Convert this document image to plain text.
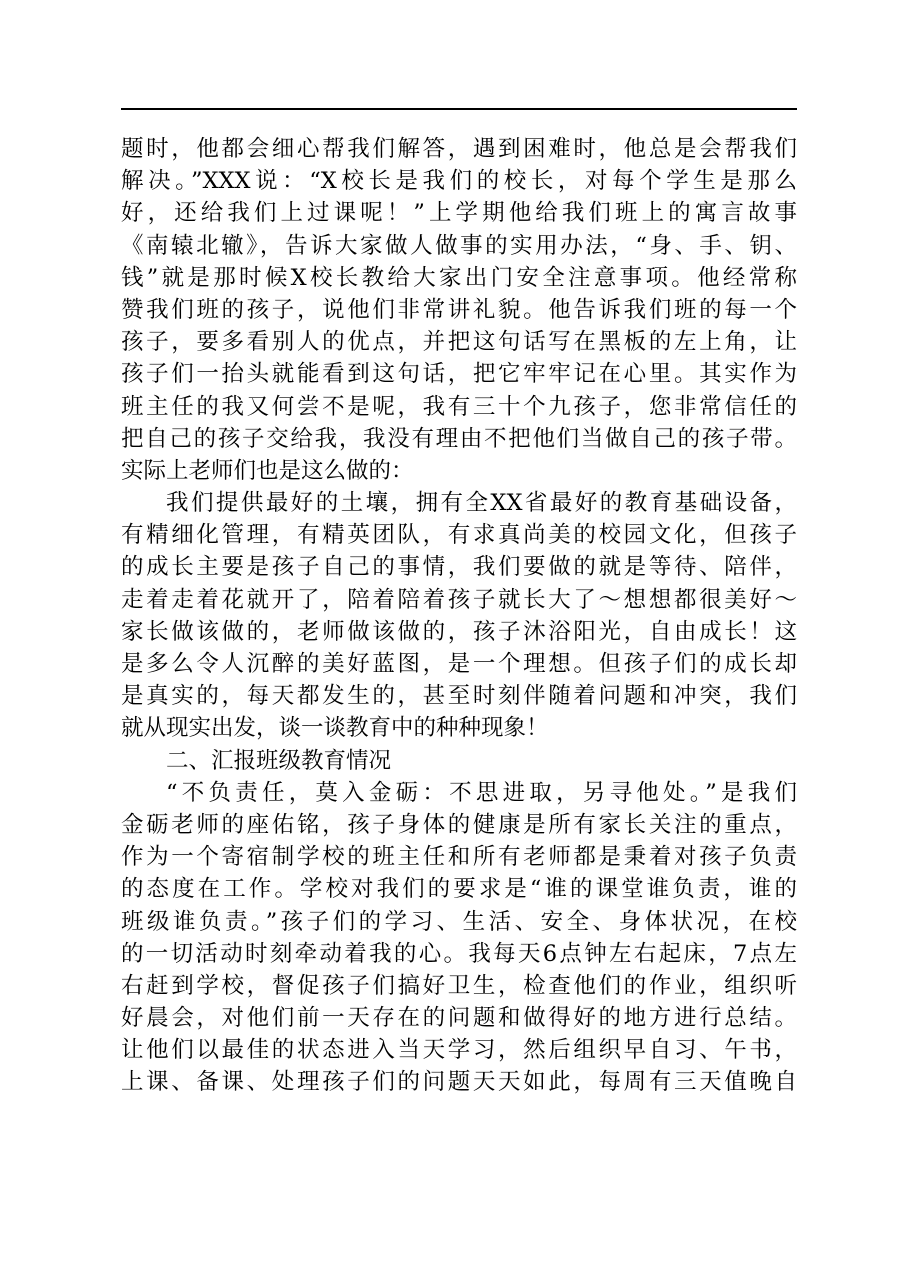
题时，他都会细心帮我们解答，遇到困难时，他总是会帮我们
解决。”XXX说：“X校长是我们的校长，对每个学生是那么
好，还给我们上过课呢！”上学期他给我们班上的寓言故事
《南辕北辙》，告诉大家做人做事的实用办法，“身、手、钥、
钱”就是那时候X校长教给大家出门安全注意事项。他经常称
赞我们班的孩子，说他们非常讲礼貌。他告诉我们班的每一个
孩子，要多看别人的优点，并把这句话写在黑板的左上角，让
孩子们一抬头就能看到这句话，把它牢牢记在心里。其实作为
班主任的我又何尝不是呢，我有三十个九孩子，您非常信任的
把自己的孩子交给我，我没有理由不把他们当做自己的孩子带。
实际上老师们也是这么做的：
我们提供最好的土壤，拥有全XX省最好的教育基础设备，
有精细化管理，有精英团队，有求真尚美的校园文化，但孩子
的成长主要是孩子自己的事情，我们要做的就是等待、陪伴，
走着走着花就开了，陪着陪着孩子就长大了～想想都很美好～
家长做该做的，老师做该做的，孩子沐浴阳光，自由成长！这
是多么令人沉醉的美好蓝图，是一个理想。但孩子们的成长却
是真实的，每天都发生的，甚至时刻伴随着问题和冲突，我们
就从现实出发，谈一谈教育中的种种现象！
二、汇报班级教育情况
“不负责任，莫入金砺：不思进取，另寻他处。”是我们
金砺老师的座佑铭，孩子身体的健康是所有家长关注的重点，
作为一个寄宿制学校的班主任和所有老师都是秉着对孩子负责
的态度在工作。学校对我们的要求是“谁的课堂谁负责，谁的
班级谁负责。”孩子们的学习、生活、安全、身体状况，在校
的一切活动时刻牵动着我的心。我每天6点钟左右起床，7点左
右赶到学校，督促孩子们搞好卫生，检查他们的作业，组织听
好晨会，对他们前一天存在的问题和做得好的地方进行总结。
让他们以最佳的状态进入当天学习，然后组织早自习、午书，
上课、备课、处理孩子们的问题天天如此，每周有三天值晚自
